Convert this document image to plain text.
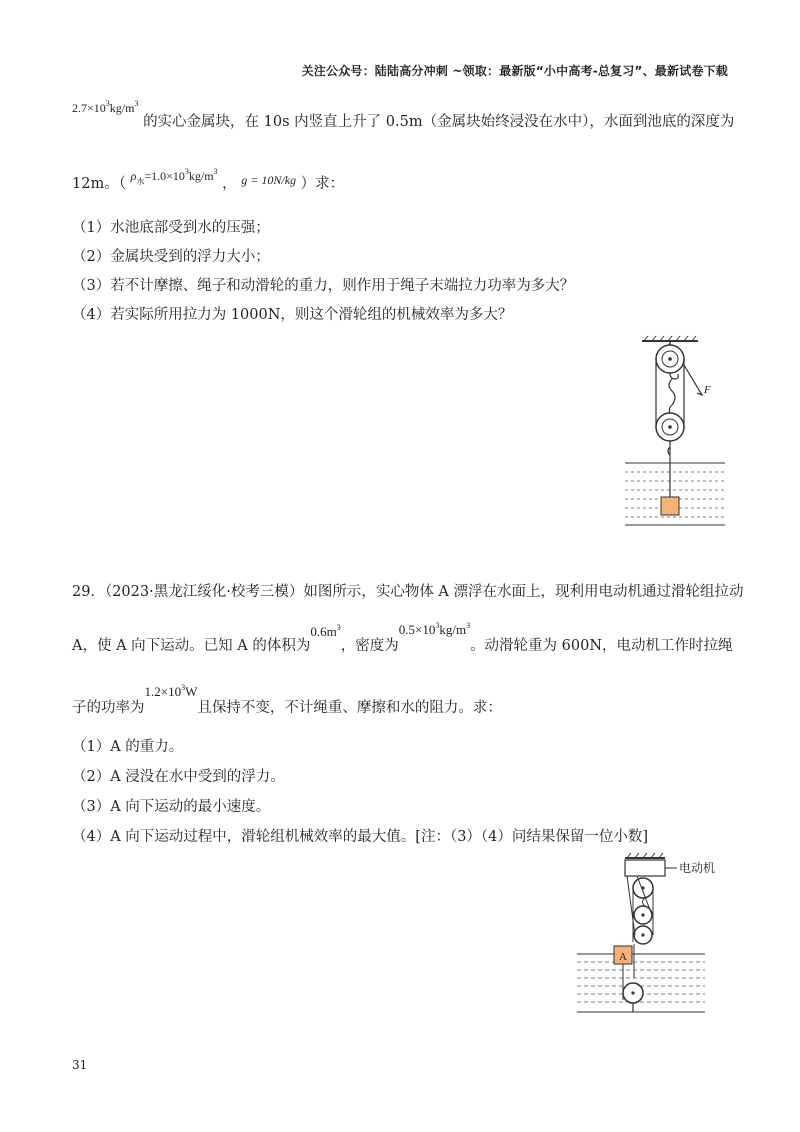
关注公众号：陆陆高分冲刺 ~领取：最新版“小中高考-总复习”、最新试卷下载
$2.7\times 10^3kg/m^3$ 的实心金属块，在 10s 内竖直上升了 0.5m（金属块始终浸没在水中），水面到池底的深度为
12m。（ $\rho_水=1.0\times 10^3kg/m^3$ ， $^{g = 10N/kg}$ ）求：
（1）水池底部受到水的压强；
（2）金属块受到的浮力大小；
（3）若不计摩擦、绳子和动滑轮的重力，则作用于绳子末端拉力功率为多大？
（4）若实际所用拉力为 1000N，则这个滑轮组的机械效率为多大？
F
29．（2023·黑龙江绥化·校考三模）如图所示，实心物体 A 漂浮在水面上，现利用电动机通过滑轮组拉动
A，使 A 向下运动。已知 A 的体积为$0.6m^3$，密度为$0.5\times 10^3kg/m^3$。动滑轮重为 600N，电动机工作时拉绳
子的功率为$1.2\times 10^3W$且保持不变，不计绳重、摩擦和水的阻力。求：
（1）A 的重力。
（2）A 浸没在水中受到的浮力。
（3）A 向下运动的最小速度。
（4）A 向下运动过程中，滑轮组机械效率的最大值。[注：（3）（4）问结果保留一位小数]
电动机
A
31
